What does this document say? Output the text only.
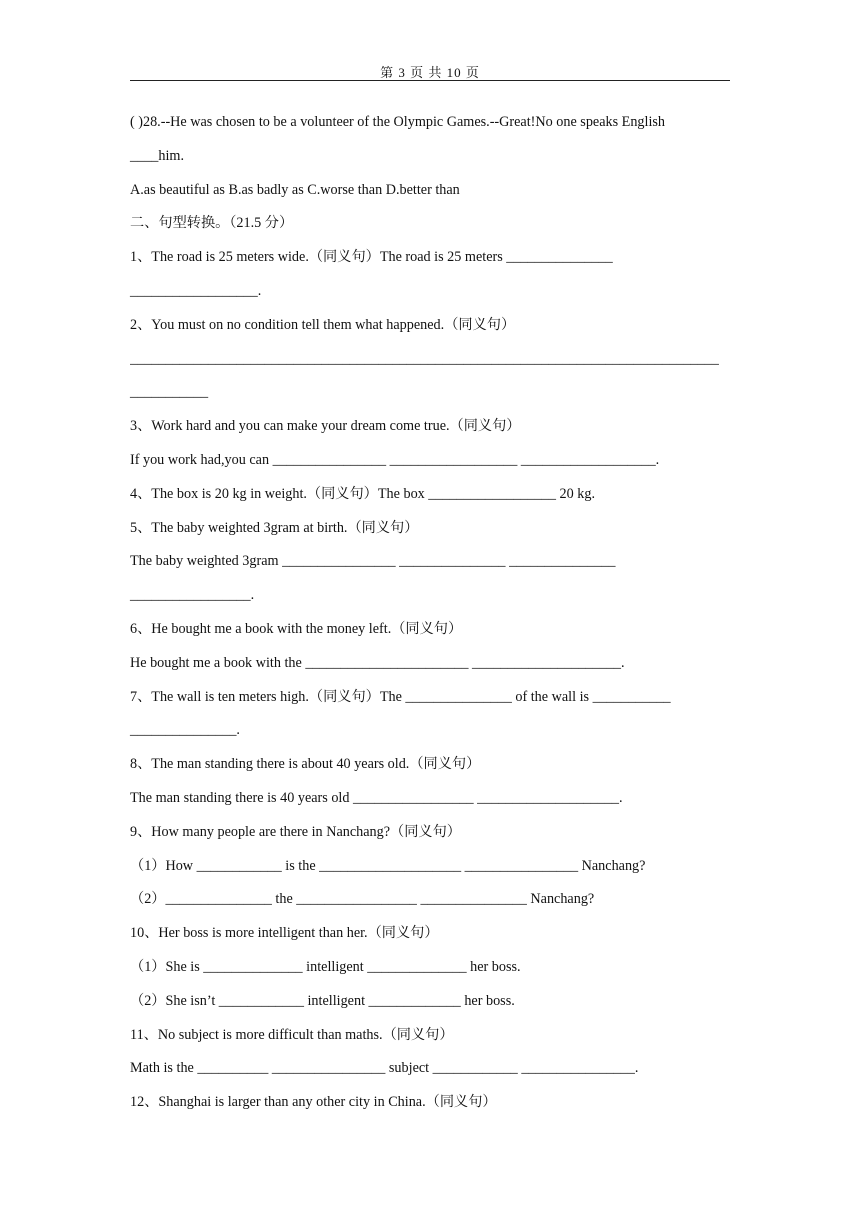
第 3 页 共 10 页
( )28.--He was chosen to be a volunteer of the Olympic Games.--Great!No one speaks English
____him.
A.as beautiful as B.as badly as C.worse than D.better than
二、句型转换。（21.5 分）
1、The road is 25 meters wide.（同义句）The road is 25 meters _______________
__________________.
2、You must on no condition tell them what happened.（同义句）
___________________________________________________________________________________
___________
3、Work hard and you can make your dream come true.（同义句）
If you work had,you can ________________ __________________ ___________________.
4、The box is 20 kg in weight.（同义句）The box __________________ 20 kg.
5、The baby weighted 3gram at birth.（同义句）
The baby weighted 3gram ________________ _______________ _______________
_________________.
6、He bought me a book with the money left.（同义句）
He bought me a book with the _______________________ _____________________.
7、The wall is ten meters high.（同义句）The _______________ of the wall is ___________
_______________.
8、The man standing there is about 40 years old.（同义句）
The man standing there is 40 years old _________________ ____________________.
9、How many people are there in Nanchang?（同义句）
（1）How ____________ is the ____________________ ________________ Nanchang?
（2）_______________ the _________________ _______________ Nanchang?
10、Her boss is more intelligent than her.（同义句）
（1）She is ______________ intelligent ______________ her boss.
（2）She isn’t ____________ intelligent _____________ her boss.
11、No subject is more difficult than maths.（同义句）
Math is the __________ ________________ subject ____________ ________________.
12、Shanghai is larger than any other city in China.（同义句）
